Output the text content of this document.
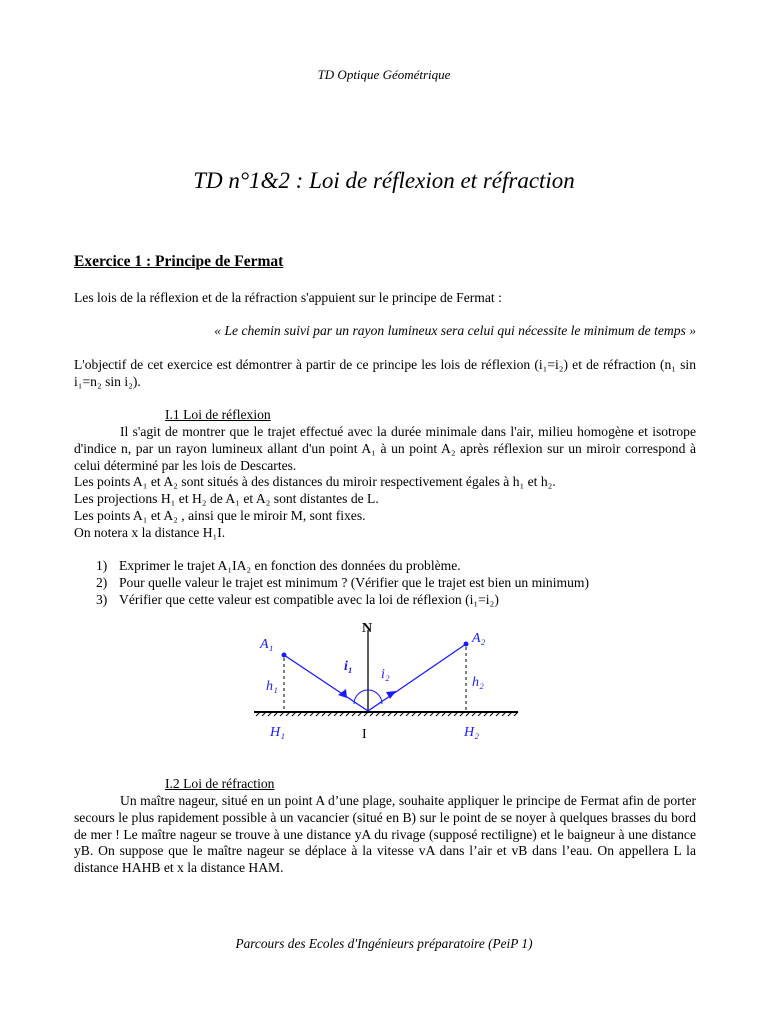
TD Optique Géométrique
TD n°1&2 : Loi de réflexion et réfraction
Exercice 1 : Principe de Fermat
Les lois de la réflexion et de la réfraction s'appuient sur le principe de Fermat :
« Le chemin suivi par un rayon lumineux sera celui qui nécessite le minimum de temps »
L'objectif de cet exercice est démontrer à partir de ce principe les lois de réflexion (i₁=i₂) et de réfraction (n₁ sin i₁=n₂ sin i₂).
I.1 Loi de réflexion
Il s'agit de montrer que le trajet effectué avec la durée minimale dans l'air, milieu homogène et isotrope d'indice n, par un rayon lumineux allant d'un point A₁ à un point A₂ après réflexion sur un miroir correspond à celui déterminé par les lois de Descartes.
Les points A₁ et A₂ sont situés à des distances du miroir respectivement égales à h₁ et h₂.
Les projections H₁ et H₂ de A₁ et A₂ sont distantes de L.
Les points A₁ et A₂ , ainsi que le miroir M, sont fixes.
On notera x la distance H₁I.
1) Exprimer le trajet A₁IA₂ en fonction des données du problème.
2) Pour quelle valeur le trajet est minimum ? (Vérifier que le trajet est bien un minimum)
3) Vérifier que cette valeur est compatible avec la loi de réflexion (i₁=i₂)
A₁	A₂
N
i₁
i₂
h₁	h₂
H₁	I	H₂
I.2 Loi de réfraction
Un maître nageur, situé en un point A d’une plage, souhaite appliquer le principe de Fermat afin de porter secours le plus rapidement possible à un vacancier (situé en B) sur le point de se noyer à quelques brasses du bord de mer ! Le maître nageur se trouve à une distance yA du rivage (supposé rectiligne) et le baigneur à une distance yB. On suppose que le maître nageur se déplace à la vitesse vA dans l’air et vB dans l’eau. On appellera L la distance HAHB et x la distance HAM.
Parcours des Ecoles d'Ingénieurs préparatoire (PeiP 1)
